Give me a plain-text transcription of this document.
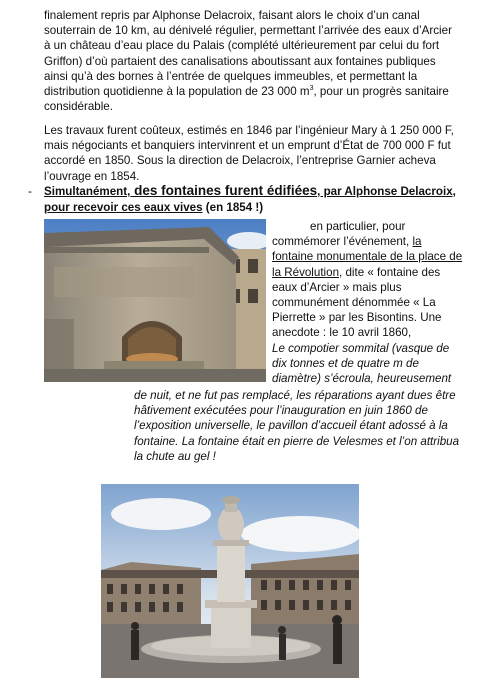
finalement repris par Alphonse Delacroix, faisant alors le choix d’un canal
souterrain de 10 km, au dénivelé régulier, permettant l’arrivée des eaux d’Arcier
à un château d’eau place du Palais (complété ultérieurement par celui du fort
Griffon) d’où partaient des canalisations aboutissant aux fontaines publiques
ainsi qu’à des bornes à l’entrée de quelques immeubles, et permettant la
distribution quotidienne à la population de 23 000 $m^3$, pour un progrès sanitaire
considérable.
Les travaux furent coûteux, estimés en 1846 par l’ingénieur Mary à 1 250 000 F,
mais négociants et banquiers intervinrent et un emprunt d’État de 700 000 F fut
accordé en 1850. Sous la direction de Delacroix, l’entreprise Garnier acheva
l’ouvrage en 1854.
- Simultanément, des fontaines furent édifiées, par Alphonse Delacroix,
pour recevoir ces eaux vives (en 1854 !)
en particulier, pour
commémorer l’événement, la
fontaine monumentale de la place de
la Révolution, dite « fontaine des
eaux d’Arcier » mais plus
communément dénommée « La
Pierrette » par les Bisontins. Une
anecdote : le 10 avril 1860,
Le compotier sommital (vasque de
dix tonnes et de quatre m de
diamètre) s’écroula, heureusement
de nuit, et ne fut pas remplacé, les réparations ayant dues être
hâtivement exécutées pour l’inauguration en juin 1860 de
l’exposition universelle, le pavillon d’accueil étant adossé à la
fontaine. La fontaine était en pierre de Velesmes et l’on attribua
la chute au gel !
